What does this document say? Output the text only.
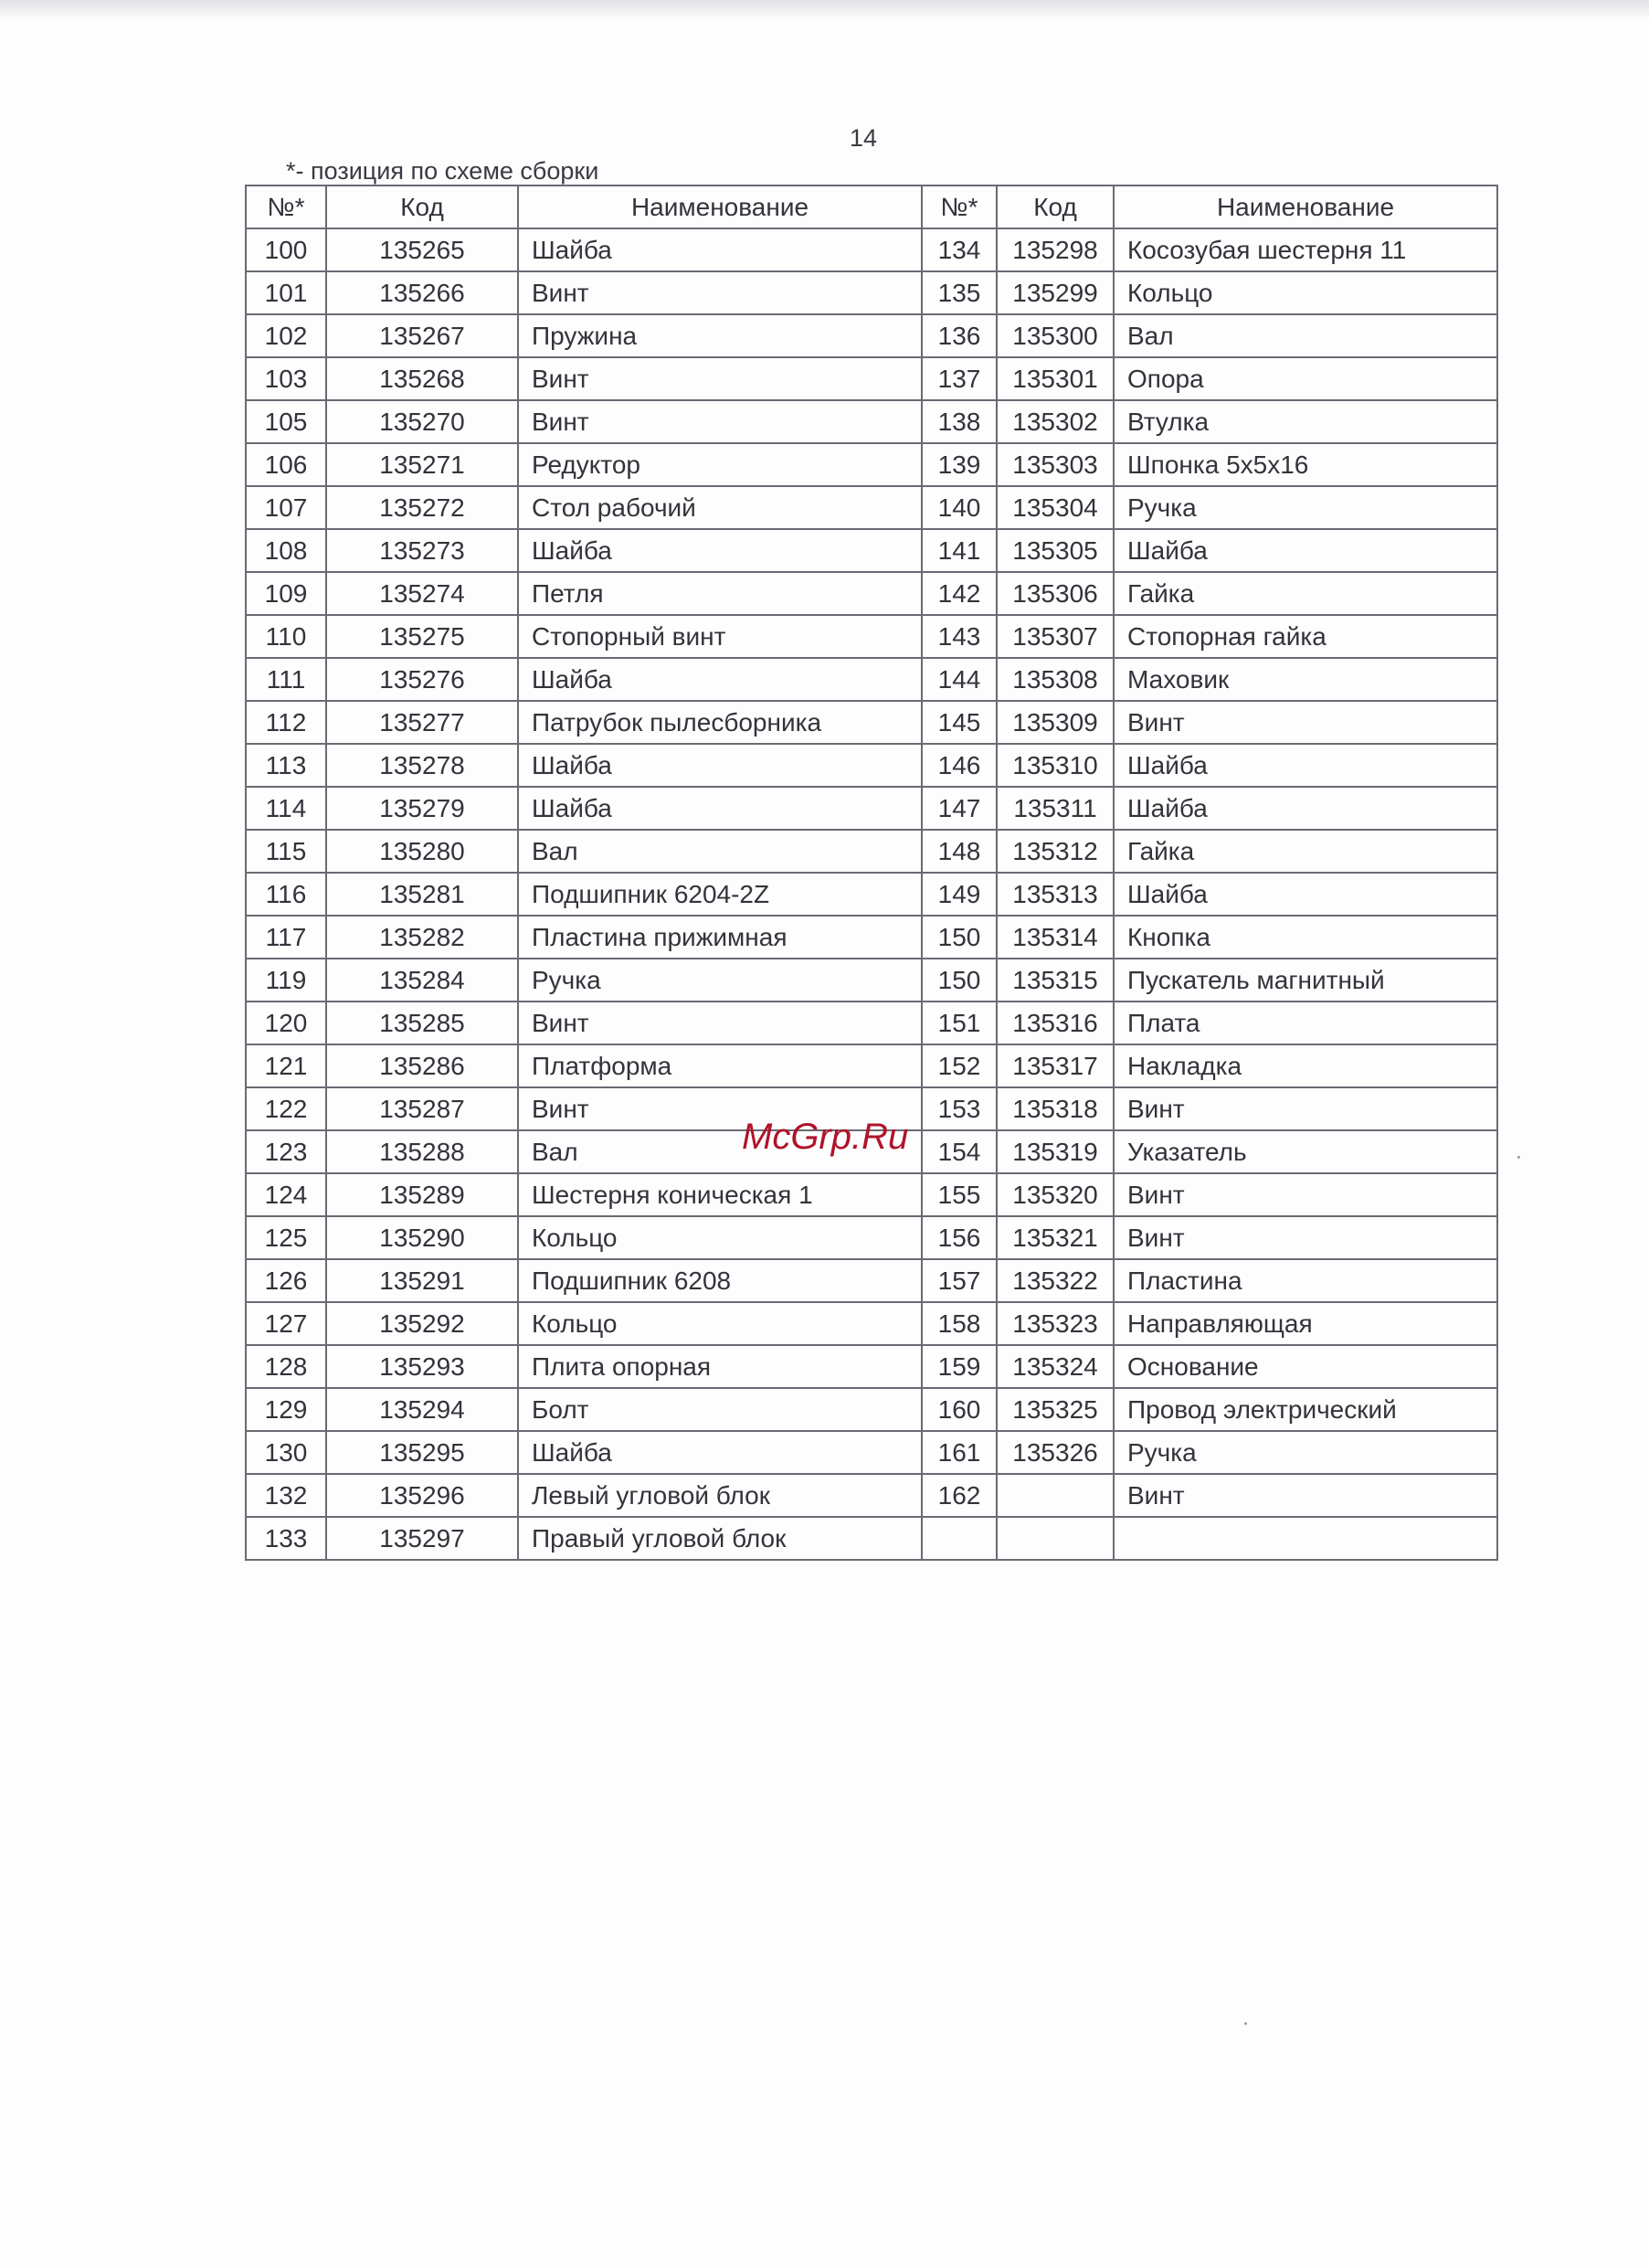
14
*- позиция по схеме сборки
№*	Код	Наименование	№*	Код	Наименование
100	135265	Шайба	134	135298	Косозубая шестерня 11
101	135266	Винт	135	135299	Кольцо
102	135267	Пружина	136	135300	Вал
103	135268	Винт	137	135301	Опора
105	135270	Винт	138	135302	Втулка
106	135271	Редуктор	139	135303	Шпонка 5х5х16
107	135272	Стол рабочий	140	135304	Ручка
108	135273	Шайба	141	135305	Шайба
109	135274	Петля	142	135306	Гайка
110	135275	Стопорный винт	143	135307	Стопорная гайка
111	135276	Шайба	144	135308	Маховик
112	135277	Патрубок пылесборника	145	135309	Винт
113	135278	Шайба	146	135310	Шайба
114	135279	Шайба	147	135311	Шайба
115	135280	Вал	148	135312	Гайка
116	135281	Подшипник 6204-2Z	149	135313	Шайба
117	135282	Пластина прижимная	150	135314	Кнопка
119	135284	Ручка	150	135315	Пускатель магнитный
120	135285	Винт	151	135316	Плата
121	135286	Платформа	152	135317	Накладка
122	135287	Винт	153	135318	Винт
123	135288	Вал	154	135319	Указатель
124	135289	Шестерня коническая 1	155	135320	Винт
125	135290	Кольцо	156	135321	Винт
126	135291	Подшипник 6208	157	135322	Пластина
127	135292	Кольцо	158	135323	Направляющая
128	135293	Плита опорная	159	135324	Основание
129	135294	Болт	160	135325	Провод электрический
130	135295	Шайба	161	135326	Ручка
132	135296	Левый угловой блок	162		Винт
133	135297	Правый угловой блок			
McGrp.Ru
